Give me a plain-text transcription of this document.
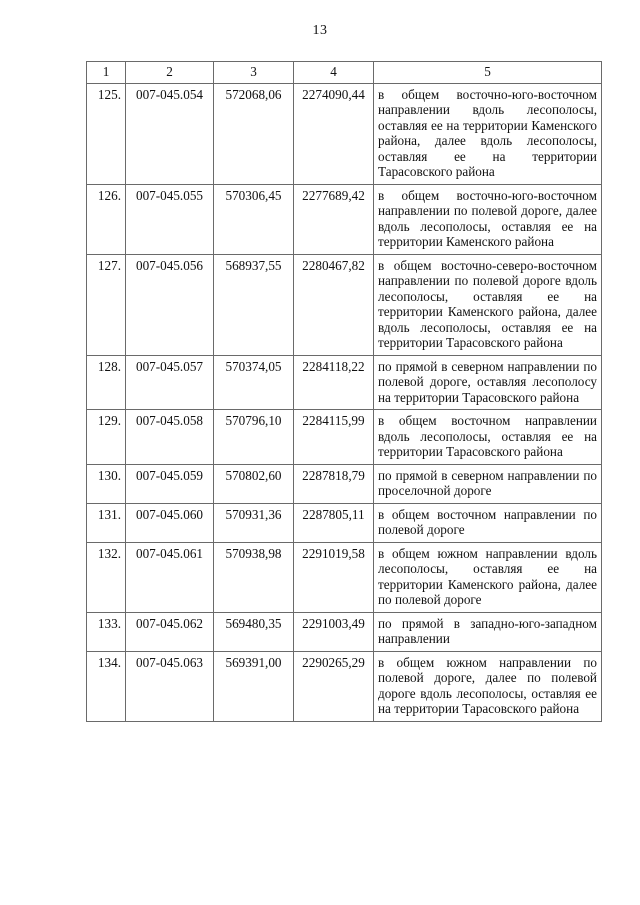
13
1	2	3	4	5
125.	007-045.054	572068,06	2274090,44	в общем восточно-юго-восточном направлении вдоль лесополосы, оставляя ее на территории Каменского района, далее вдоль лесополосы, оставляя ее на территории Тарасовского района
126.	007-045.055	570306,45	2277689,42	в общем восточно-юго-восточном направлении по полевой дороге, далее вдоль лесополосы, оставляя ее на территории Каменского района
127.	007-045.056	568937,55	2280467,82	в общем восточно-северо-восточном направлении по полевой дороге вдоль лесополосы, оставляя ее на территории Каменского района, далее вдоль лесополосы, оставляя ее на территории Тарасовского района
128.	007-045.057	570374,05	2284118,22	по прямой в северном направлении по полевой дороге, оставляя лесополосу на территории Тарасовского района
129.	007-045.058	570796,10	2284115,99	в общем восточном направлении вдоль лесополосы, оставляя ее на территории Тарасовского района
130.	007-045.059	570802,60	2287818,79	по прямой в северном направлении по проселочной дороге
131.	007-045.060	570931,36	2287805,11	в общем восточном направлении по полевой дороге
132.	007-045.061	570938,98	2291019,58	в общем южном направлении вдоль лесополосы, оставляя ее на территории Каменского района, далее по полевой дороге
133.	007-045.062	569480,35	2291003,49	по прямой в западно-юго-западном направлении
134.	007-045.063	569391,00	2290265,29	в общем южном направлении по полевой дороге, далее по полевой дороге вдоль лесополосы, оставляя ее на территории Тарасовского района
